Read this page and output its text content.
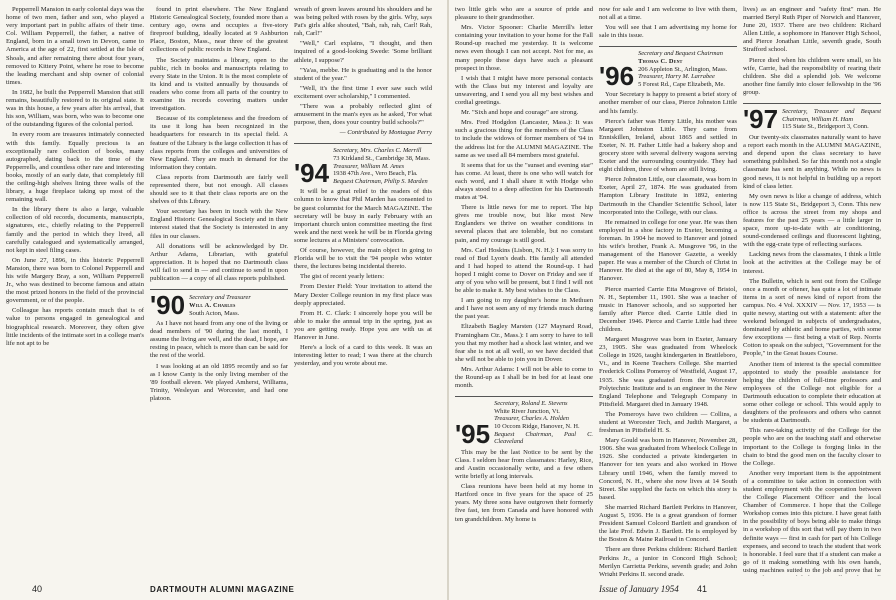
Pepperrell Mansion in early colonial days was the home of two men, father and son, who played a very important part in public affairs of their time. Col. William Pepperrell, the father, a native of England, born in a small town in Devon, came to America at the age of 22, first settled at the Isle of Shoals, and after remaining there about four years, removed to Kittery Point, where he rose to become the leading merchant and ship owner of colonial times.

In 1682, he built the Pepperrell Mansion that still remains, beautifully restored to its original state. It was in this house, a few years after his arrival, that his son, William, was born, who was to become one of the outstanding figures of the colonial period.

In every room are treasures intimately connected with this family. Equally precious is an exceptionally rare collection of books, many autographed, dating back to the time of the Pepperrells, and countless other rare and interesting books, mostly of an early date, that completely fill the ceiling-high shelves lining three walls of the library, a huge fireplace taking up most of the remaining wall.

In the library there is also a large, valuable collection of old records, documents, manuscripts, signatures, etc., chiefly relating to the Pepperrell family and the period in which they lived, all carefully catalogued and systematically arranged, not kept in steel filing cases.

On June 27, 1896, in this historic Pepperrell Mansion, there was born to Colonel Pepperrell and his wife Margery Bray, a son, William Pepperrell Jr., who was destined to become famous and attain the most prized honors in the field of the provincial government, or of the people.

Colleague has reports contain much that is of value to persons engaged in genealogical and biographical research. Moreover, they often give little incidents of the intimate sort in a college man's life not apt to be

found in print elsewhere. The New England Historic Genealogical Society, founded more than a century ago, owns and occupies a five-story fireproof building, ideally located at 9 Ashburton Place, Boston, Mass., near three of the greatest collections of public records in New England.

The Society maintains a library, open to the public, rich in books and manuscripts relating to every State in the Union. It is the most complete of its kind and is visited annually by thousands of readers who come from all parts of the country to examine its records covering matters under investigation.

Because of its completeness and the freedom of its use it long has been recognized in the headquarters for research in its special field. A feature of the Library is the large collection it has of class reports from the colleges and universities of New England. They are much in demand for the information they contain.

Class reports from Dartmouth are fairly well represented there, but not enough. All classes should see to it that their class reports are on the shelves of this Library.

Your secretary has been in touch with the New England Historic Genealogical Society and in their interest stated that the Society is interested in any files in our classes.

All donations will be acknowledged by Dr. Arthur Adams, Librarian, with grateful appreciation. It is hoped that no Dartmouth class will fail to send in — and continue to send in upon publication — a copy of all class reports published.

'90 Secretary and Treasurer
Will A. Charles
South Acton, Mass.

As I have not heard from any one of the living or dead members of '90 during the last month, I assume the living are well, and the dead, I hope, are resting in peace, which is more than can be said for the rest of the world.

I was looking at an old 1895 recently and so far as I know Canty is the only living member of the '89 football eleven. We played Amherst, Williams, Trinity, Wesleyan and Worcester, and had one platoon.

wreath of green leaves around his shoulders and he was being pelted with roses by the girls. Why, says Pat's girls alike shouted, "Bah, rah, rah, Carl! Rah, rah, Carl!"

"Well," Carl explains, "I thought, and then inquired of a good-looking Swede: 'Some brilliant athlete, I suppose?'

"Ya'as, mebbe. He is graduating and is the honor student of the year."

"Well, it's the first time I ever saw such wild excitement over scholarship," I commented.

"There was a probably reflected glint of amusement in the man's eyes as he asked, 'For what purpose, then, does your country build schools?'"

— Contributed by Montague Perry
'94
Secretary, Mrs. Charles C. Merrill
73 Kirkland St., Cambridge 38, Mass.
Treasurer, William M. Ames
1938 47th Ave., Vero Beach, Fla.
Bequest Chairman, Philip S. Marden

It will be a great relief to the readers of this column to know that Phil Marden has consented to be guest columnist for the March MAGAZINE. The secretary will be busy in early February with an important church union committee meeting the first week and the next week he will be in Florida giving some lectures at a Ministers' convocation.

Of course, however, the main object in going to Florida will be to visit the '94 people who winter there, the lectures being incidental thereto.

The gist of recent yearly letters:

From Dexter Field: Your invitation to attend the Mary Dexter College reunion in my first place was deeply appreciated.

From H. C. Clark: I sincerely hope you will be able to make the annual trip in the spring, just as you are getting ready. Hope you are with us at Hanover in June.

Here's a lock of a card to this week. It was an interesting letter to read; I was there at the church yesterday, and you wrote about me.

40	DARTMOUTH ALUMNI MAGAZINE

two little girls who are a source of pride and pleasure to their grandmother.

Mrs. Victor Spooner: Charlie Merrill's letter containing your invitation to your home for the Fall Round-up reached me yesterday. It is welcome news even though I can not accept. Not for me, as many people these days have such a pleasant prospect in those.

I wish that I might have more personal contacts with the Class but my interest and loyalty are unwavering, and I send you all my best wishes and cordial greetings.

Mr. "Sixh and hope and courage" are strong.

Mrs. Fred Hodgdon (Lancaster, Mass.): It was such a gracious thing for the members of the Class to include the widows of former members of '94 in the address list for the ALUMNI MAGAZINE. The same as we used all 84 members most grateful.

It seems that for us the "sunset and evening star" has come. At least, there is one who will watch for each word, and I shall share it with Hodge who always stood to a deep affection for his Dartmouth mates at '94.

There is little news for me to report. The hip gives me trouble now, but like most New Englanders we thrive on weather conditions in several places that are tolerable, but no constant pain, and my courage is still good.

Mrs. Carl Hoskins (Lisbon, N. H.): I was sorry to read of Bud Lyon's death. His family all attended and I had hoped to attend the Round-up. I had hoped I might come to Dover on Friday and see if any of you who will be present, but I find I will not be able to make it. My best wishes to the Class.

I am going to my daughter's home in Methuen and I have not seen any of my friends much during the past year.

Elizabeth Bagley Marsten (127 Maynard Road, Framingham Ctr., Mass.): I am sorry to have to tell you that my mother had a shock last winter, and we fear she is not at all well, so we have decided that she will not be able to join you in Dover.

Mrs. Arthur Adams: I will not be able to come to the Round-up as I shall be in bed for at least one month.

'95
Secretary, Roland E. Stevens
White River Junction, Vt.
Treasurer, Charles A. Holden
10 Occom Ridge, Hanover, N. H.
Bequest Chairman, Paul C. Cleaveland

This may be the last Notice to be sent by the Class. I seldom hear from classmates: Harley, Rice, and Austin occasionally write, and a few others write briefly at long intervals.

Class reunions have been held at my home in Hartford once in five years for the space of 25 years. My three sons have outgrown their formerly five fast, ten from Canada and have honored with ten grandchildren. My home is

now for sale and I am welcome to live with them, not all at a time.

You will see that I am advertising my home for sale in this issue.

'96
Secretary and Bequest Chairman
Thomas C. Dent
206 Appleton St., Arlington, Mass.
Treasurer, Harry M. Larrabee
5 Forest Rd., Cape Elizabeth, Me.

Your Secretary is happy to present a brief story of another member of our class, Pierce Johnston Little and his family.

Pierce's father was Henry Little, his mother was Margaret Johnston Little. They came from Enniskillen, Ireland, about 1865 and settled in Exeter, N. H. Father Little had a bakery shop and grocery store with several delivery wagons serving Exeter and the surrounding countryside. They had eight children, three of whom are still living.

Pierce Johnston Little, our classmate, was born in Exeter, April 27, 1874. He was graduated from Hampton Library Institute in 1892, entering Dartmouth in the Chandler Scientific School, later incorporated into the College, with our class.

He remained in college for one year. He was then employed in a shoe factory in Exeter, becoming a foreman. In 1904 he moved to Hanover and joined his wife's brother, Frank A. Musgrove '96, in the management of the Hanover Gazette, a weekly paper. He was a member of the Church of Christ in Hanover. He died at the age of 80, May 8, 1954 in Hanover.

Pierce married Carrie Etta Musgrove of Bristol, N. H., September 11, 1901. She was a teacher of music in Hanover schools, and so supported her family after Pierce died. Carrie Little died in December 1946. Pierce and Carrie Little had three children.

Margaret Musgrove was born in Exeter, January 23, 1905. She was graduated from Wheelock College in 1926, taught kindergarten in Brattleboro, Vt., and in Keene Teachers College. She married Frederick Collins Pomeroy of Westfield, August 17, 1935. She was graduated from the Worcester Polytechnic Institute and is an engineer in the New England Telephone and Telegraph Company in Pittsfield. Margaret died in January 1948.

The Pomeroys have two children — Collins, a student at Worcester Tech, and Judith Margaret, a freshman in Pittsfield H. S.

Mary Gould was born in Hanover, November 28, 1906. She was graduated from Wheelock College in 1926. She conducted a private kindergarten in Hanover for ten years and also worked in Howe Library until 1946, when the family moved to Concord, N. H., where she now lives at 14 South Street. She supplied the facts on which this story is based.

She married Richard Bartlett Perkins in Hanover, August 5, 1936. He is a great grandson of former President Samuel Colcord Bartlett and grandson of the late Prof. Edwin J. Bartlett. He is employed by the Boston & Maine Railroad in Concord.

There are three Perkins children: Richard Bartlett Perkins Jr., a junior in Concord High School; Merilyn Carrietta Perkins, seventh grade; and John Wright Perkins II, second grade.

lives) as an engineer and "safety first" man. He married Beryl Ruth Piper of Norwich and Hanover, June 20, 1937. There are two children: Richard Allen Little, a sophomore in Hanover High School, and Pierce Jonathan Little, seventh grade, South Strafford school.

Pierce died when his children were small, so his wife, Carrie, had the responsibility of rearing their children. She did a splendid job. We welcome another fine family into closer fellowship in the '96 group.

'97 Secretary, Treasurer and Bequest Chairman, William H. Ham
115 State St., Bridgeport 3, Conn.

Our twenty-six classmates naturally want to have a report each month in the ALUMNI MAGAZINE, and depend upon the class secretary to have something published. So far this month not a single classmate has sent in anything. While no news is good news, it is not helpful in building up a report kind of class letter.

My own news is like a change of address, which is now 115 State St., Bridgeport 3, Conn. This new office is across the street from my shops and features for the past 25 years — a little larger in space, more up-to-date with air conditioning, sound-condensed ceilings and fluorescent lighting, with the egg-crate type of reflecting surfaces.

Lacking news from the classmates, I think a little look at the activities at the College may be of interest.

The Bulletin, which is sent out from the College once a month or oftener, has quite a lot of intimate items in a sort of news kind of report from the campus. No. 4 Vol. XXXIV — Nov. 17, 1953 — is quite newsy, starting out with a statement: after the weekend belonged in subjects of undergraduates, dominated by athletic and home parties, with some few exceptions — first being a visit of Rep. Norris Cotton to speak on the subject, "Government for the People," in the Great Issues Course.

Another item of interest is the special committee appointed to study the possible assistance for helping the children of full-time professors and employees of the College not eligible for a Dartmouth education to complete their education at some other college or school. This would apply to daughters of the professors and others who cannot be students at Dartmouth.

This rare-taking activity of the College for the people who are on the teaching staff and otherwise important to the College is forging links in the chain to bind the good men on the faculty closer to the College.

Another very important item is the appointment of a committee to take action in connection with student employment with the cooperation between the College Placement Officer and the local Chamber of Commerce. I hope that the College Workshop comes into this picture. I have great faith in the possibility of boys being able to make things in a workshop of this sort that will pay them in two definite ways — first in cash for part of his College expenses, and second to teach the student that work is honorable. I feel sure that if a student can make a go of it making something with his own hands, using machines suited to the job and prove that he

Issue of January 1954 41
